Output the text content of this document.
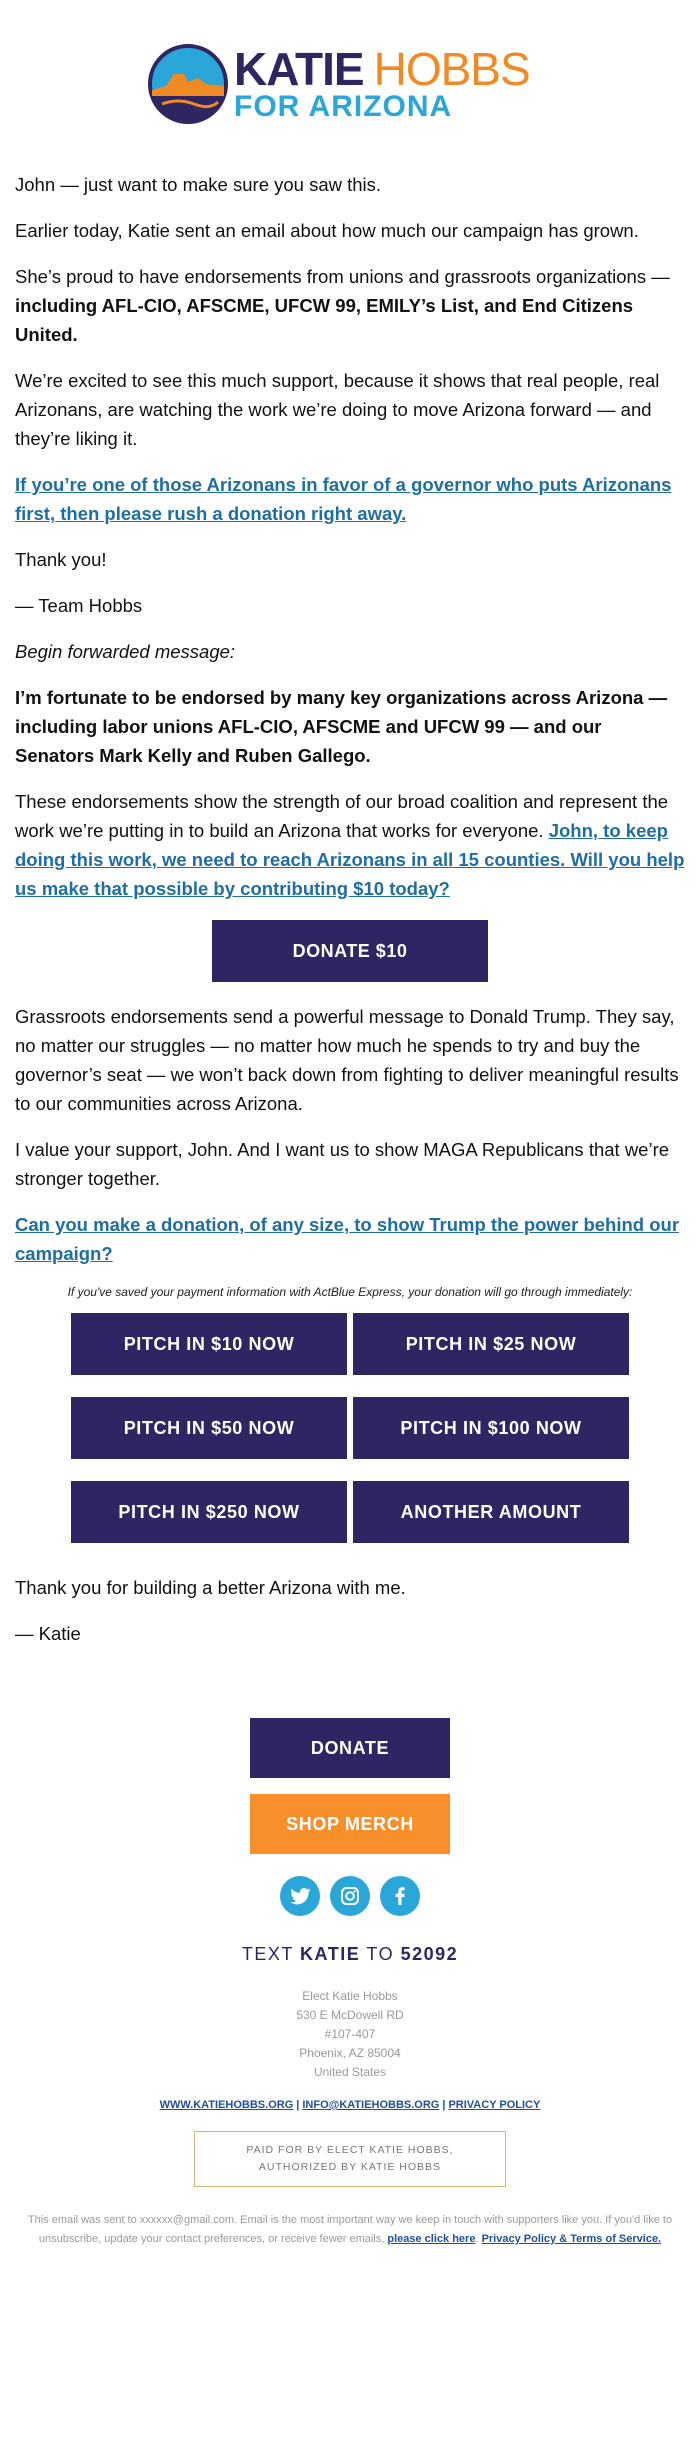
KATIE HOBBS
FOR ARIZONA

John — just want to make sure you saw this.

Earlier today, Katie sent an email about how much our campaign has grown.

She’s proud to have endorsements from unions and grassroots organizations — including AFL-CIO, AFSCME, UFCW 99, EMILY’s List, and End Citizens United.

We’re excited to see this much support, because it shows that real people, real Arizonans, are watching the work we’re doing to move Arizona forward — and they’re liking it.

If you’re one of those Arizonans in favor of a governor who puts Arizonans first, then please rush a donation right away.

Thank you!

— Team Hobbs

Begin forwarded message:

I’m fortunate to be endorsed by many key organizations across Arizona — including labor unions AFL-CIO, AFSCME and UFCW 99 — and our Senators Mark Kelly and Ruben Gallego.

These endorsements show the strength of our broad coalition and represent the work we’re putting in to build an Arizona that works for everyone. John, to keep doing this work, we need to reach Arizonans in all 15 counties. Will you help us make that possible by contributing $10 today?

DONATE $10

Grassroots endorsements send a powerful message to Donald Trump. They say, no matter our struggles — no matter how much he spends to try and buy the governor’s seat — we won’t back down from fighting to deliver meaningful results to our communities across Arizona.

I value your support, John. And I want us to show MAGA Republicans that we’re stronger together.

Can you make a donation, of any size, to show Trump the power behind our campaign?

If you've saved your payment information with ActBlue Express, your donation will go through immediately:
PITCH IN $10 NOW	PITCH IN $25 NOW
PITCH IN $50 NOW	PITCH IN $100 NOW
PITCH IN $250 NOW	ANOTHER AMOUNT

Thank you for building a better Arizona with me.

— Katie

DONATE
SHOP MERCH

TEXT KATIE TO 52092
Elect Katie Hobbs
530 E McDowell RD
#107-407
Phoenix, AZ 85004
United States
WWW.KATIEHOBBS.ORG | INFO@KATIEHOBBS.ORG | PRIVACY POLICY
PAID FOR BY ELECT KATIE HOBBS,
AUTHORIZED BY KATIE HOBBS
This email was sent to xxxxxx@gmail.com. Email is the most important way we keep in touch with supporters like you. If you'd like to unsubscribe, update your contact preferences, or receive fewer emails, please click here. Privacy Policy & Terms of Service.
